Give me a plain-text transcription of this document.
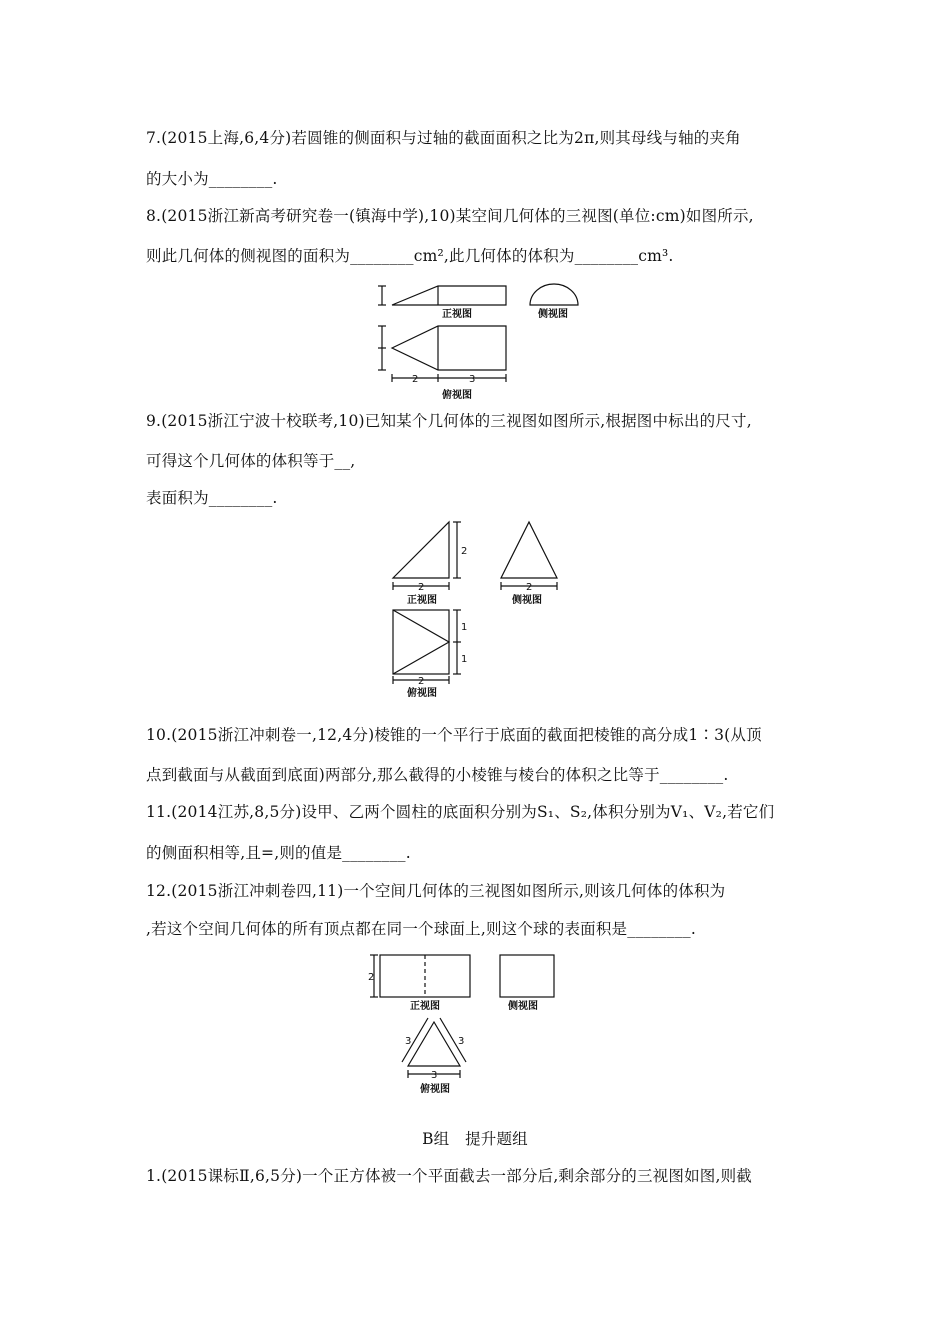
7.(2015上海,6,4分)若圆锥的侧面积与过轴的截面面积之比为2π,则其母线与轴的夹角
的大小为________.
8.(2015浙江新高考研究卷一(镇海中学),10)某空间几何体的三视图(单位:cm)如图所示,
则此几何体的侧视图的面积为________cm²,此几何体的体积为________cm³.
正视图	侧视图
俯视图
2	3
9.(2015浙江宁波十校联考,10)已知某个几何体的三视图如图所示,根据图中标出的尺寸,
可得这个几何体的体积等于__,
表面积为________.
2
2
正视图
2
侧视图
1
1
2
俯视图
10.(2015浙江冲刺卷一,12,4分)棱锥的一个平行于底面的截面把棱锥的高分成1∶3(从顶
点到截面与从截面到底面)两部分,那么截得的小棱锥与棱台的体积之比等于________.
11.(2014江苏,8,5分)设甲、乙两个圆柱的底面积分别为S₁、S₂,体积分别为V₁、V₂,若它们
的侧面积相等,且=,则的值是________.
12.(2015浙江冲刺卷四,11)一个空间几何体的三视图如图所示,则该几何体的体积为
,若这个空间几何体的所有顶点都在同一个球面上,则这个球的表面积是________.
2
正视图	侧视图
3	3
3
俯视图
B组　提升题组
1.(2015课标Ⅱ,6,5分)一个正方体被一个平面截去一部分后,剩余部分的三视图如图,则截
